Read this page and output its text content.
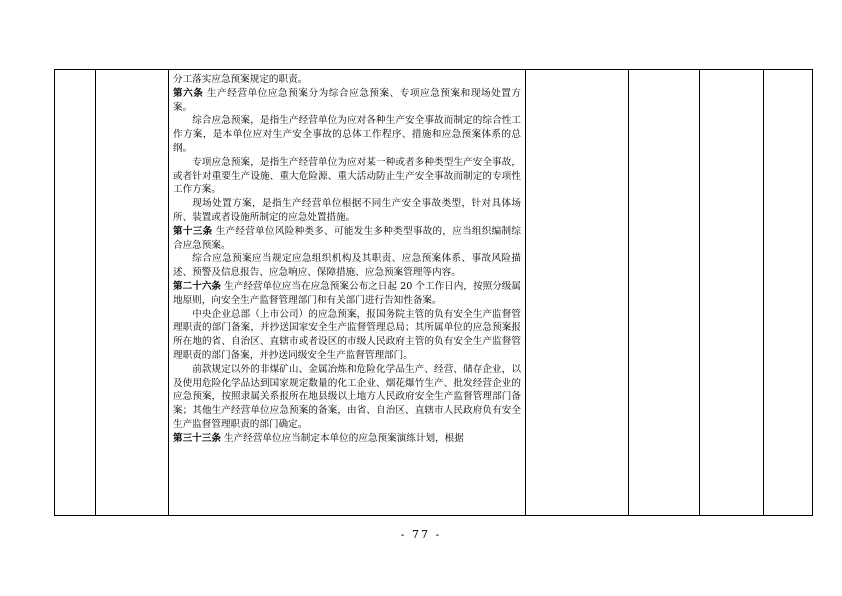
分工落实应急预案规定的职责。

第六条 生产经营单位应急预案分为综合应急预案、专项应急预案和现场处置方案。

综合应急预案，是指生产经营单位为应对各种生产安全事故而制定的综合性工作方案，是本单位应对生产安全事故的总体工作程序、措施和应急预案体系的总纲。

专项应急预案，是指生产经营单位为应对某一种或者多种类型生产安全事故，或者针对重要生产设施、重大危险源、重大活动防止生产安全事故而制定的专项性工作方案。

现场处置方案，是指生产经营单位根据不同生产安全事故类型，针对具体场所、装置或者设施所制定的应急处置措施。

第十三条 生产经营单位风险种类多、可能发生多种类型事故的，应当组织编制综合应急预案。

综合应急预案应当规定应急组织机构及其职责、应急预案体系、事故风险描述、预警及信息报告、应急响应、保障措施、应急预案管理等内容。

第二十六条 生产经营单位应当在应急预案公布之日起 20 个工作日内，按照分级属地原则，向安全生产监督管理部门和有关部门进行告知性备案。

中央企业总部（上市公司）的应急预案，报国务院主管的负有安全生产监督管理职责的部门备案，并抄送国家安全生产监督管理总局；其所属单位的应急预案报所在地的省、自治区、直辖市或者设区的市级人民政府主管的负有安全生产监督管理职责的部门备案，并抄送同级安全生产监督管理部门。

前款规定以外的非煤矿山、金属冶炼和危险化学品生产、经营、储存企业，以及使用危险化学品达到国家规定数量的化工企业、烟花爆竹生产、批发经营企业的应急预案，按照隶属关系报所在地县级以上地方人民政府安全生产监督管理部门备案；其他生产经营单位应急预案的备案，由省、自治区、直辖市人民政府负有安全生产监督管理职责的部门确定。

第三十三条 生产经营单位应当制定本单位的应急预案演练计划，根据

- 77 -
